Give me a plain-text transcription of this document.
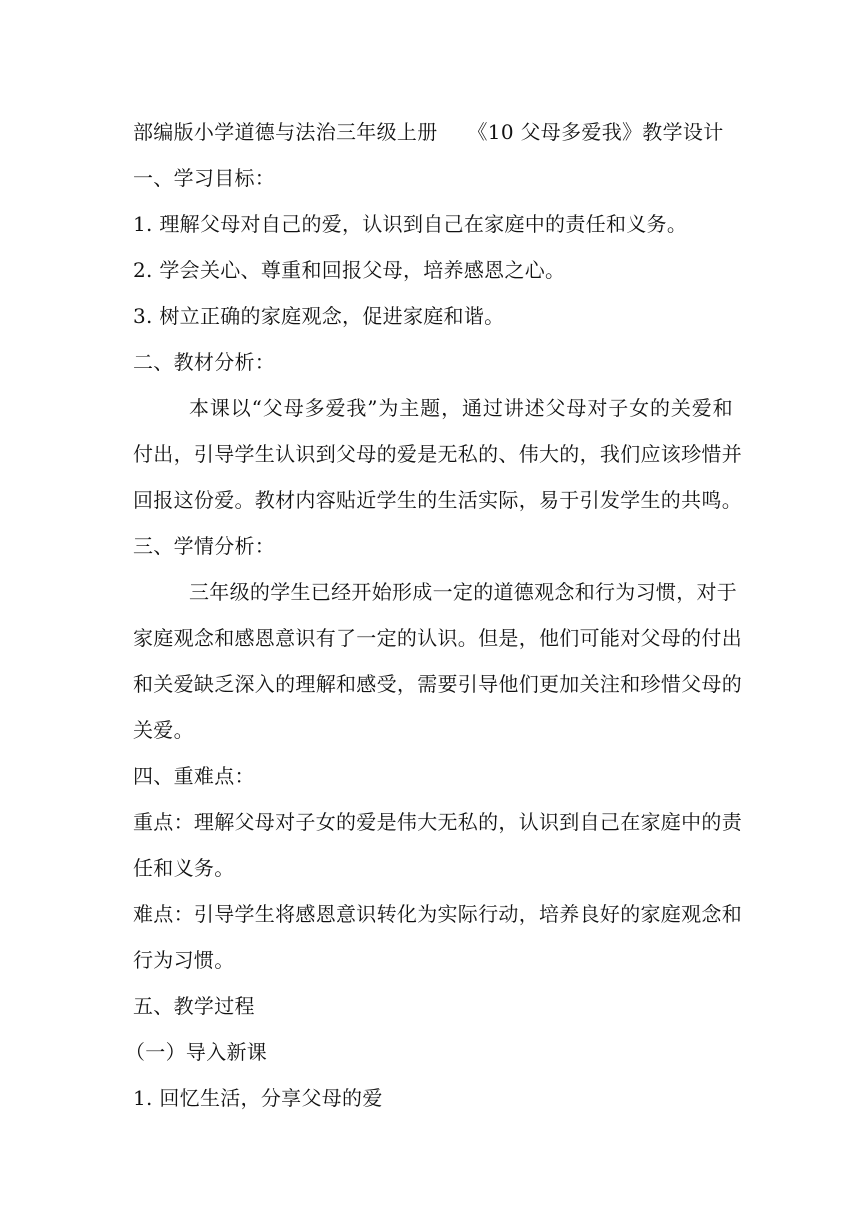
部编版小学道德与法治三年级上册 《10 父母多爱我》教学设计
一、学习目标：
1. 理解父母对自己的爱，认识到自己在家庭中的责任和义务。
2. 学会关心、尊重和回报父母，培养感恩之心。
3. 树立正确的家庭观念，促进家庭和谐。
二、教材分析：
本课以“父母多爱我”为主题，通过讲述父母对子女的关爱和
付出，引导学生认识到父母的爱是无私的、伟大的，我们应该珍惜并
回报这份爱。教材内容贴近学生的生活实际，易于引发学生的共鸣。
三、学情分析：
三年级的学生已经开始形成一定的道德观念和行为习惯，对于
家庭观念和感恩意识有了一定的认识。但是，他们可能对父母的付出
和关爱缺乏深入的理解和感受，需要引导他们更加关注和珍惜父母的
关爱。
四、重难点：
重点：理解父母对子女的爱是伟大无私的，认识到自己在家庭中的责
任和义务。
难点：引导学生将感恩意识转化为实际行动，培养良好的家庭观念和
行为习惯。
五、教学过程
（一）导入新课
1. 回忆生活，分享父母的爱
